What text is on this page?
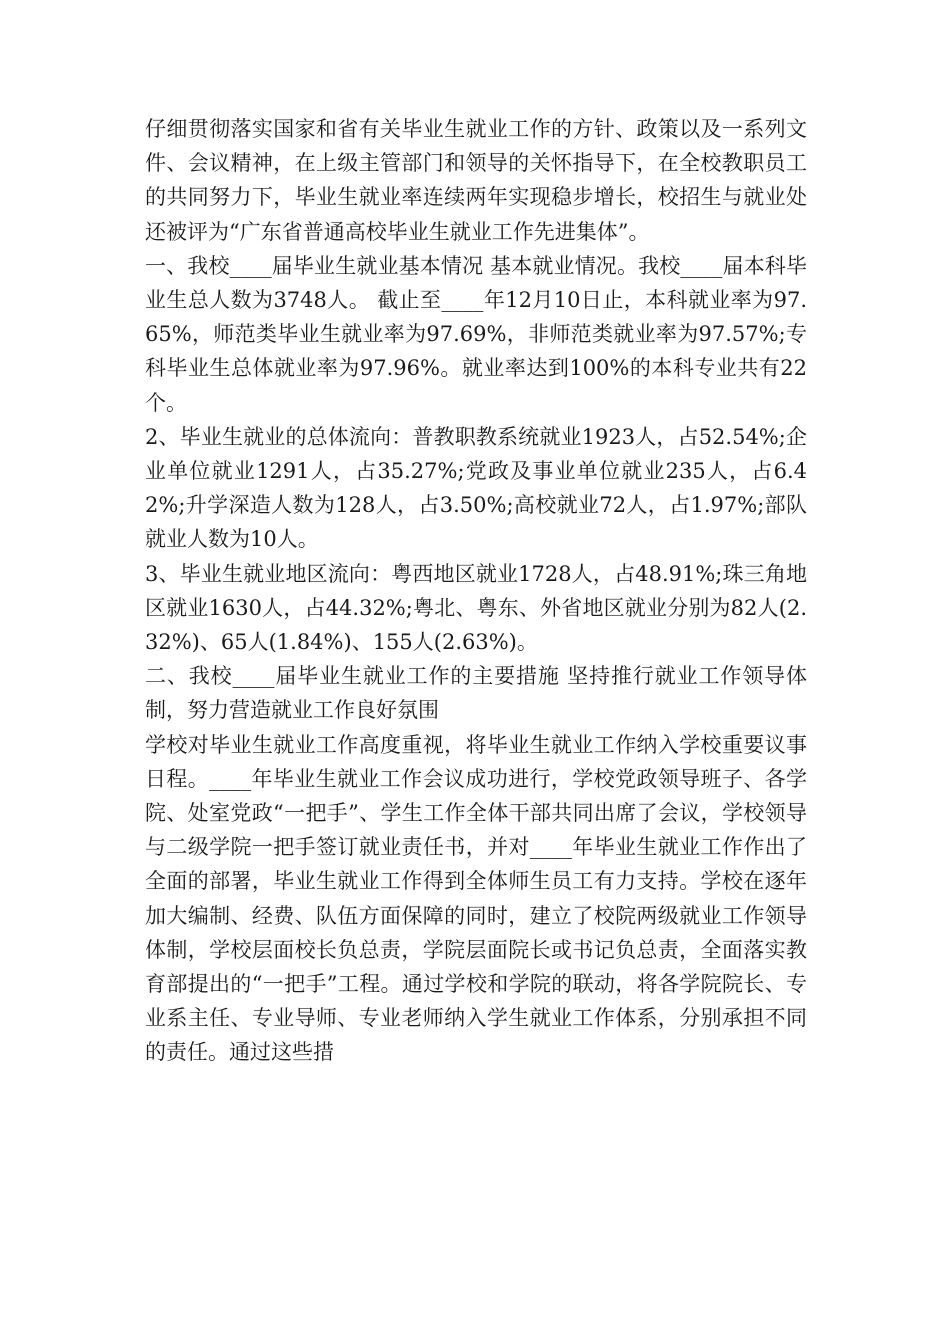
仔细贯彻落实国家和省有关毕业生就业工作的方针、政策以及一系列文件、会议精神，在上级主管部门和领导的关怀指导下，在全校教职员工的共同努力下，毕业生就业率连续两年实现稳步增长，校招生与就业处还被评为“广东省普通高校毕业生就业工作先进集体”。

一、我校____届毕业生就业基本情况 基本就业情况。我校____届本科毕业生总人数为3748人。 截止至____年12月10日止，本科就业率为97.65%，师范类毕业生就业率为97.69%，非师范类就业率为97.57%;专科毕业生总体就业率为97.96%。就业率达到100%的本科专业共有22个。

2、毕业生就业的总体流向：普教职教系统就业1923人，占52.54%;企业单位就业1291人，占35.27%;党政及事业单位就业235人，占6.42%;升学深造人数为128人，占3.50%;高校就业72人，占1.97%;部队就业人数为10人。

3、毕业生就业地区流向：粤西地区就业1728人，占48.91%;珠三角地区就业1630人，占44.32%;粤北、粤东、外省地区就业分别为82人(2.32%)、65人(1.84%)、155人(2.63%)。

二、我校____届毕业生就业工作的主要措施 坚持推行就业工作领导体制，努力营造就业工作良好氛围

学校对毕业生就业工作高度重视，将毕业生就业工作纳入学校重要议事日程。____年毕业生就业工作会议成功进行，学校党政领导班子、各学院、处室党政“一把手”、学生工作全体干部共同出席了会议，学校领导与二级学院一把手签订就业责任书，并对____年毕业生就业工作作出了全面的部署，毕业生就业工作得到全体师生员工有力支持。学校在逐年加大编制、经费、队伍方面保障的同时，建立了校院两级就业工作领导体制，学校层面校长负总责，学院层面院长或书记负总责，全面落实教育部提出的“一把手”工程。通过学校和学院的联动，将各学院院长、专业系主任、专业导师、专业老师纳入学生就业工作体系，分别承担不同的责任。通过这些措
